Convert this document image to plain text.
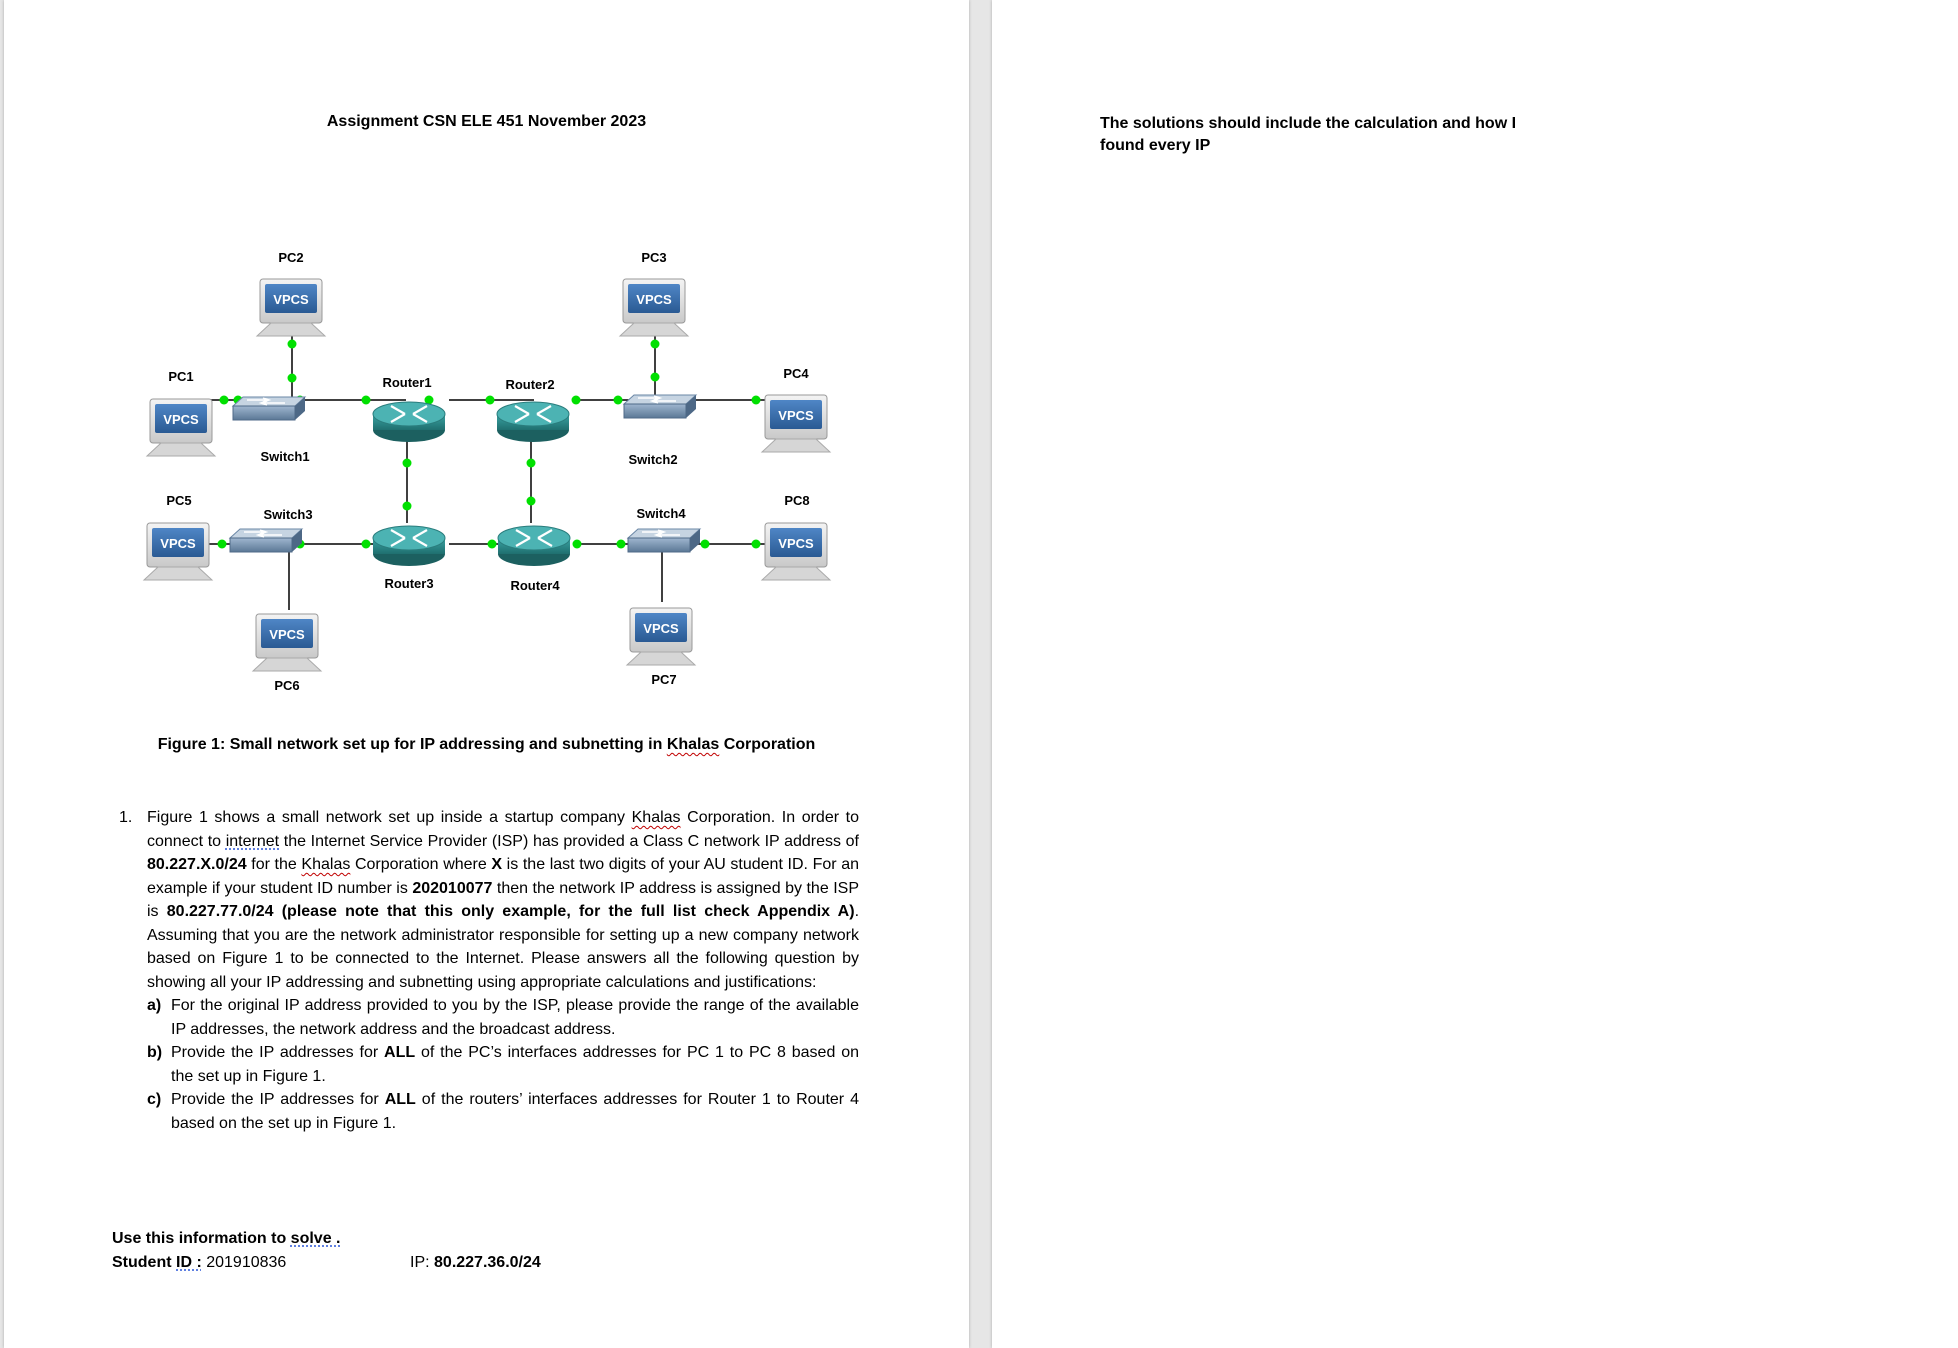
Assignment CSN ELE 451 November 2023
VPCS
VPCS	VPCS
VPCS
VPCS
VPCS	VPCS
VPCS
PC1
PC2	PC3
PC4
PC5
PC6	PC7
PC8
Switch1	Switch2
Switch3	Switch4
Router1	Router2
Router3	Router4
Figure 1: Small network set up for IP addressing and subnetting in Khalas Corporation
1. Figure 1 shows a small network set up inside a startup company Khalas Corporation. In order to connect to internet the Internet Service Provider (ISP) has provided a Class C network IP address of 80.227.X.0/24 for the Khalas Corporation where X is the last two digits of your AU student ID. For an example if your student ID number is 202010077 then the network IP address is assigned by the ISP is 80.227.77.0/24 (please note that this only example, for the full list check Appendix A). Assuming that you are the network administrator responsible for setting up a new company network based on Figure 1 to be connected to the Internet. Please answers all the following question by showing all your IP addressing and subnetting using appropriate calculations and justifications:
a) For the original IP address provided to you by the ISP, please provide the range of the available IP addresses, the network address and the broadcast address.
b) Provide the IP addresses for ALL of the PC’s interfaces addresses for PC 1 to PC 8 based on the set up in Figure 1.
c) Provide the IP addresses for ALL of the routers’ interfaces addresses for Router 1 to Router 4 based on the set up in Figure 1.
Use this information to solve .
Student ID : 201910836	IP: 80.227.36.0/24
The solutions should include the calculation and how I found every IP
